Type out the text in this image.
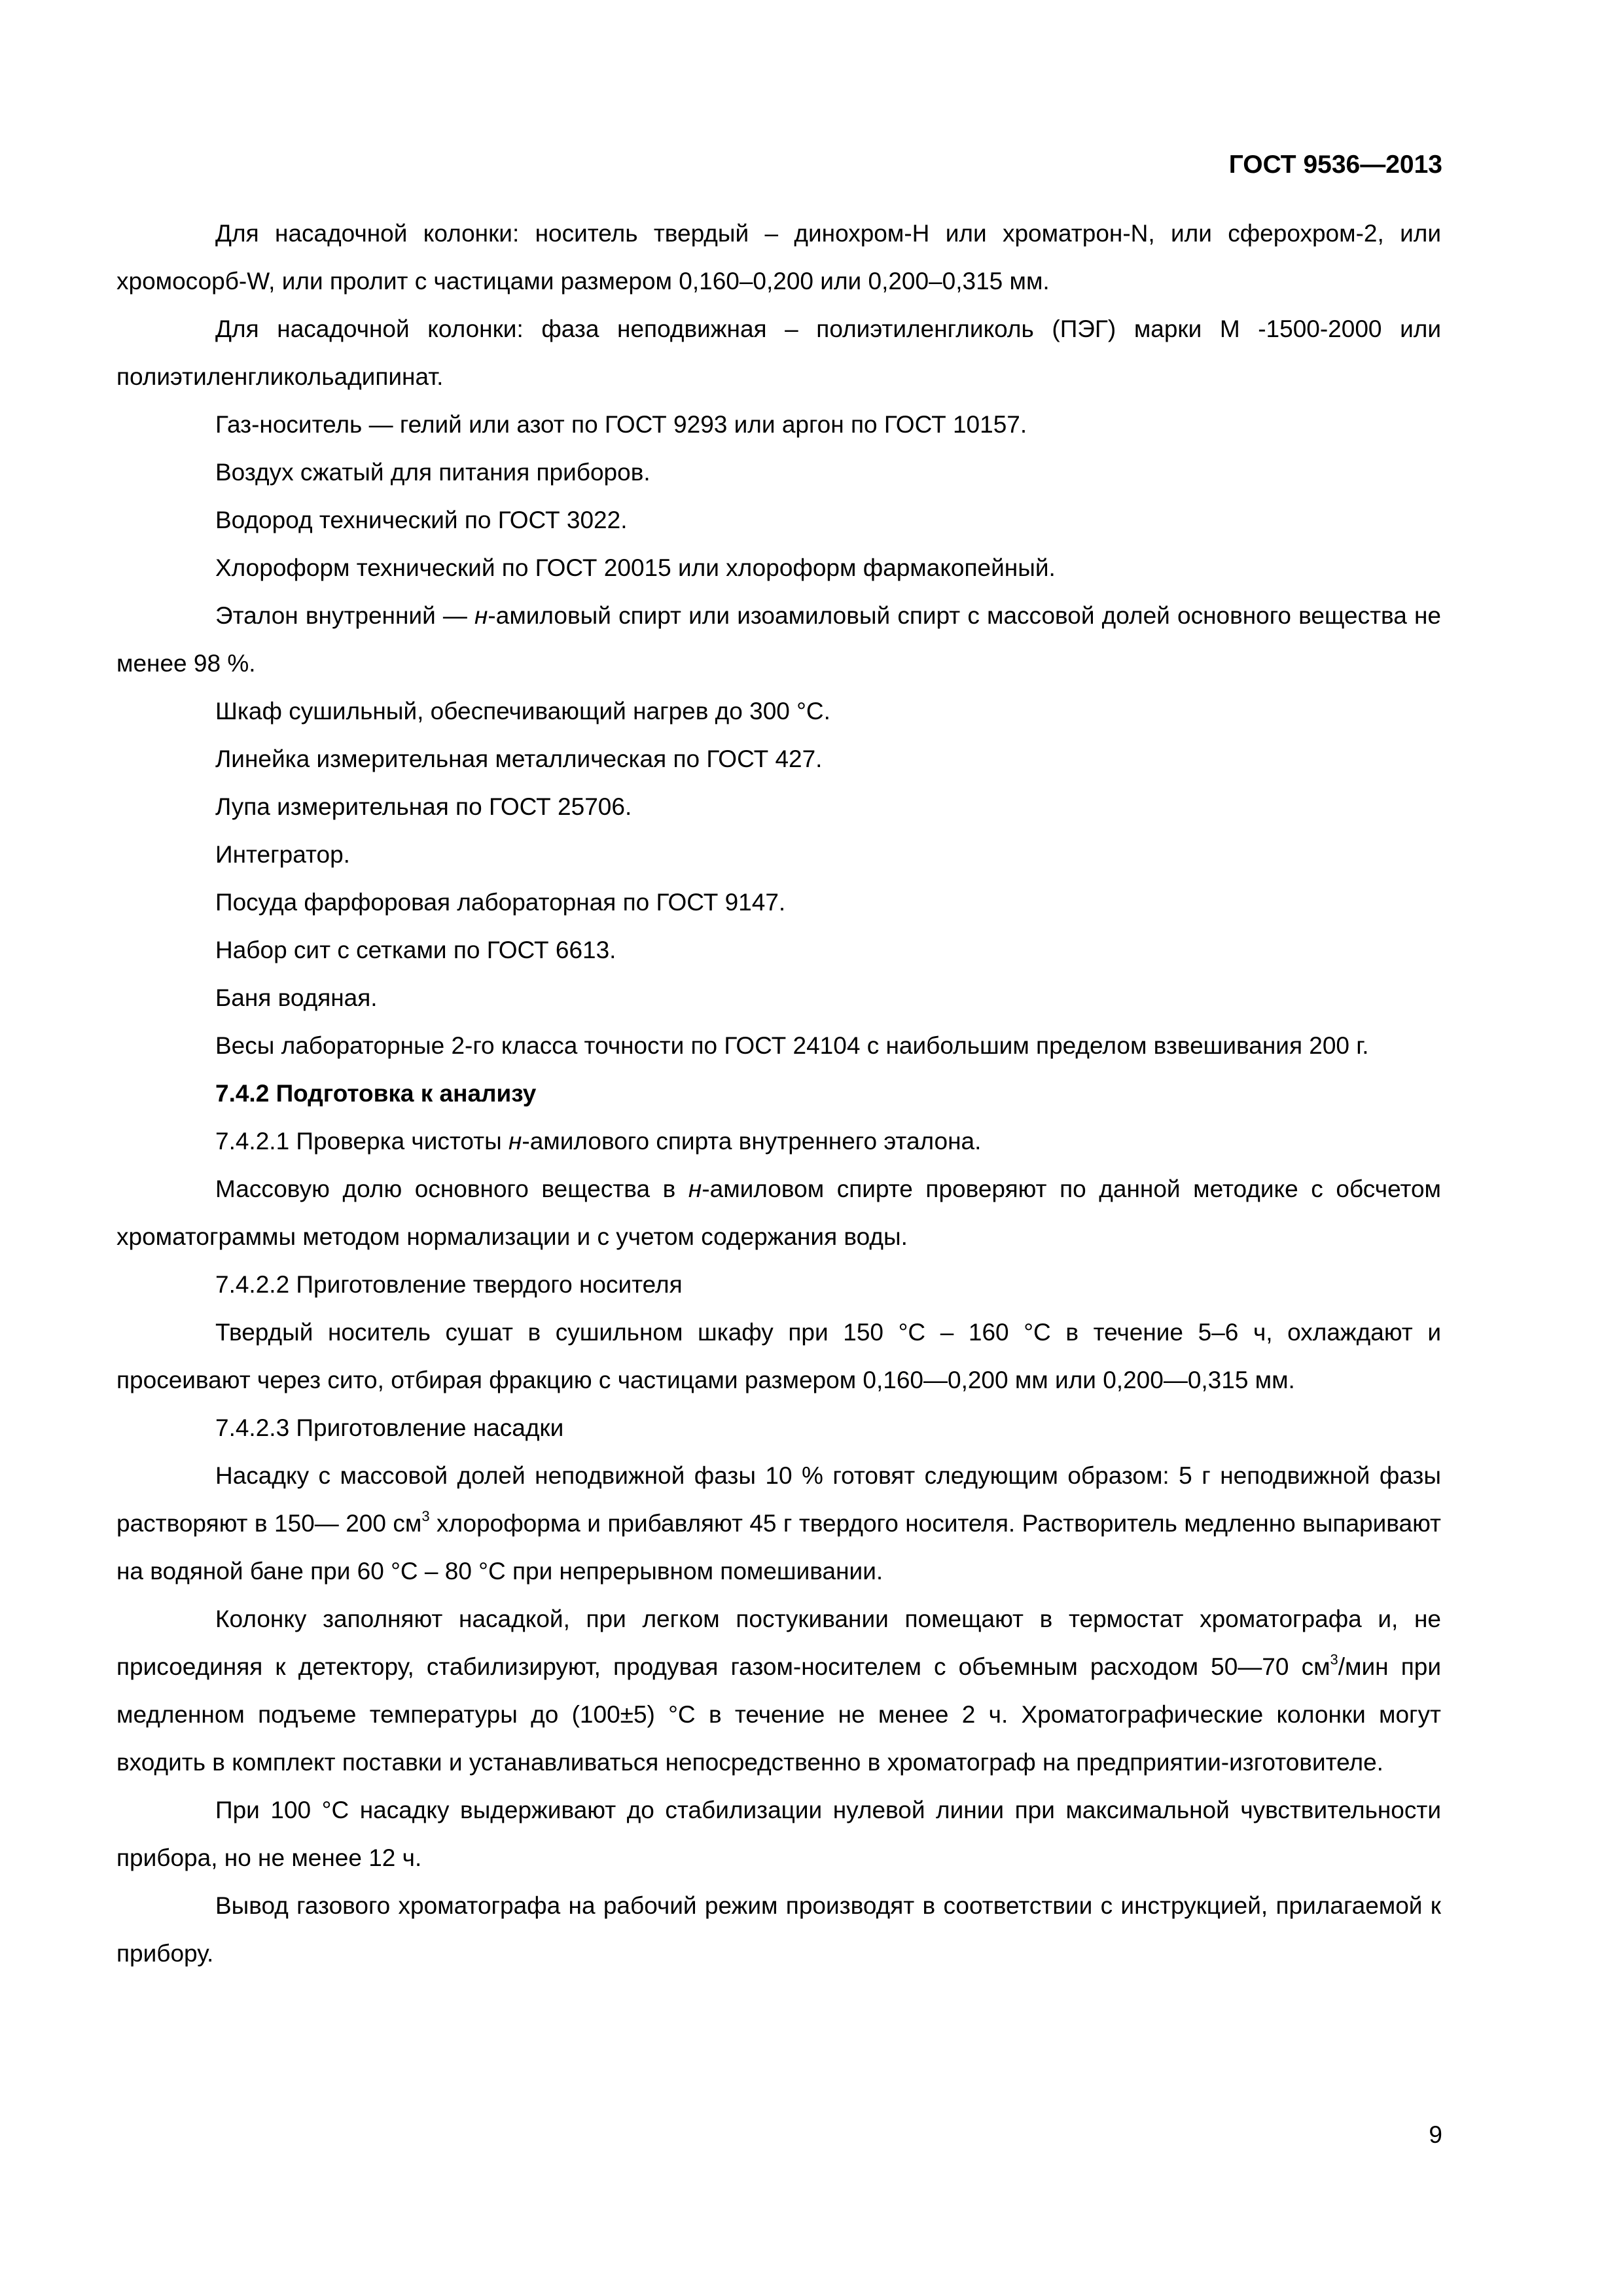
ГОСТ 9536—2013

Для насадочной колонки: носитель твердый – динохром-Н или хроматрон-N, или сферохром-2, или хромосорб-W, или пролит с частицами размером 0,160–0,200 или 0,200–0,315 мм.

Для насадочной колонки: фаза неподвижная – полиэтиленгликоль (ПЭГ) марки М -1500-2000 или полиэтиленгликольадипинат.

Газ-носитель — гелий или азот по ГОСТ 9293 или аргон по ГОСТ 10157.

Воздух сжатый для питания приборов.

Водород технический по ГОСТ 3022.

Хлороформ технический по ГОСТ 20015 или хлороформ фармакопейный.

Эталон внутренний — н-амиловый спирт или изоамиловый спирт с массовой долей основного вещества не менее 98 %.

Шкаф сушильный, обеспечивающий нагрев до 300 °С.

Линейка измерительная металлическая по ГОСТ 427.

Лупа измерительная по ГОСТ 25706.

Интегратор.

Посуда фарфоровая лабораторная по ГОСТ 9147.

Набор сит с сетками по ГОСТ 6613.

Баня водяная.

Весы лабораторные 2-го класса точности по ГОСТ 24104 с наибольшим пределом взвешивания 200 г.

7.4.2 Подготовка к анализу

7.4.2.1 Проверка чистоты н-амилового спирта внутреннего эталона.

Массовую долю основного вещества в н-амиловом спирте проверяют по данной методике с обсчетом хроматограммы методом нормализации и с учетом содержания воды.

7.4.2.2 Приготовление твердого носителя

Твердый носитель сушат в сушильном шкафу при 150 °С – 160 °С в течение 5–6 ч, охлаждают и просеивают через сито, отбирая фракцию с частицами размером 0,160—0,200 мм или 0,200—0,315 мм.

7.4.2.3 Приготовление насадки

Насадку с массовой долей неподвижной фазы 10 % готовят следующим образом: 5 г неподвижной фазы растворяют в 150— 200 $см^3$ хлороформа и прибавляют 45 г твердого носителя. Растворитель медленно выпаривают на водяной бане при 60 °С – 80 °С при непрерывном помешивании.

Колонку заполняют насадкой, при легком постукивании помещают в термостат хроматографа и, не присоединяя к детектору, стабилизируют, продувая газом-носителем с объемным расходом 50—70 $см^3$/мин при медленном подъеме температуры до (100±5) °С в течение не менее 2 ч. Хроматографические колонки могут входить в комплект поставки и устанавливаться непосредственно в хроматограф на предприятии-изготовителе.

При 100 °С насадку выдерживают до стабилизации нулевой линии при максимальной чувствительности прибора, но не менее 12 ч.

Вывод газового хроматографа на рабочий режим производят в соответствии с инструкцией, прилагаемой к прибору.

9
